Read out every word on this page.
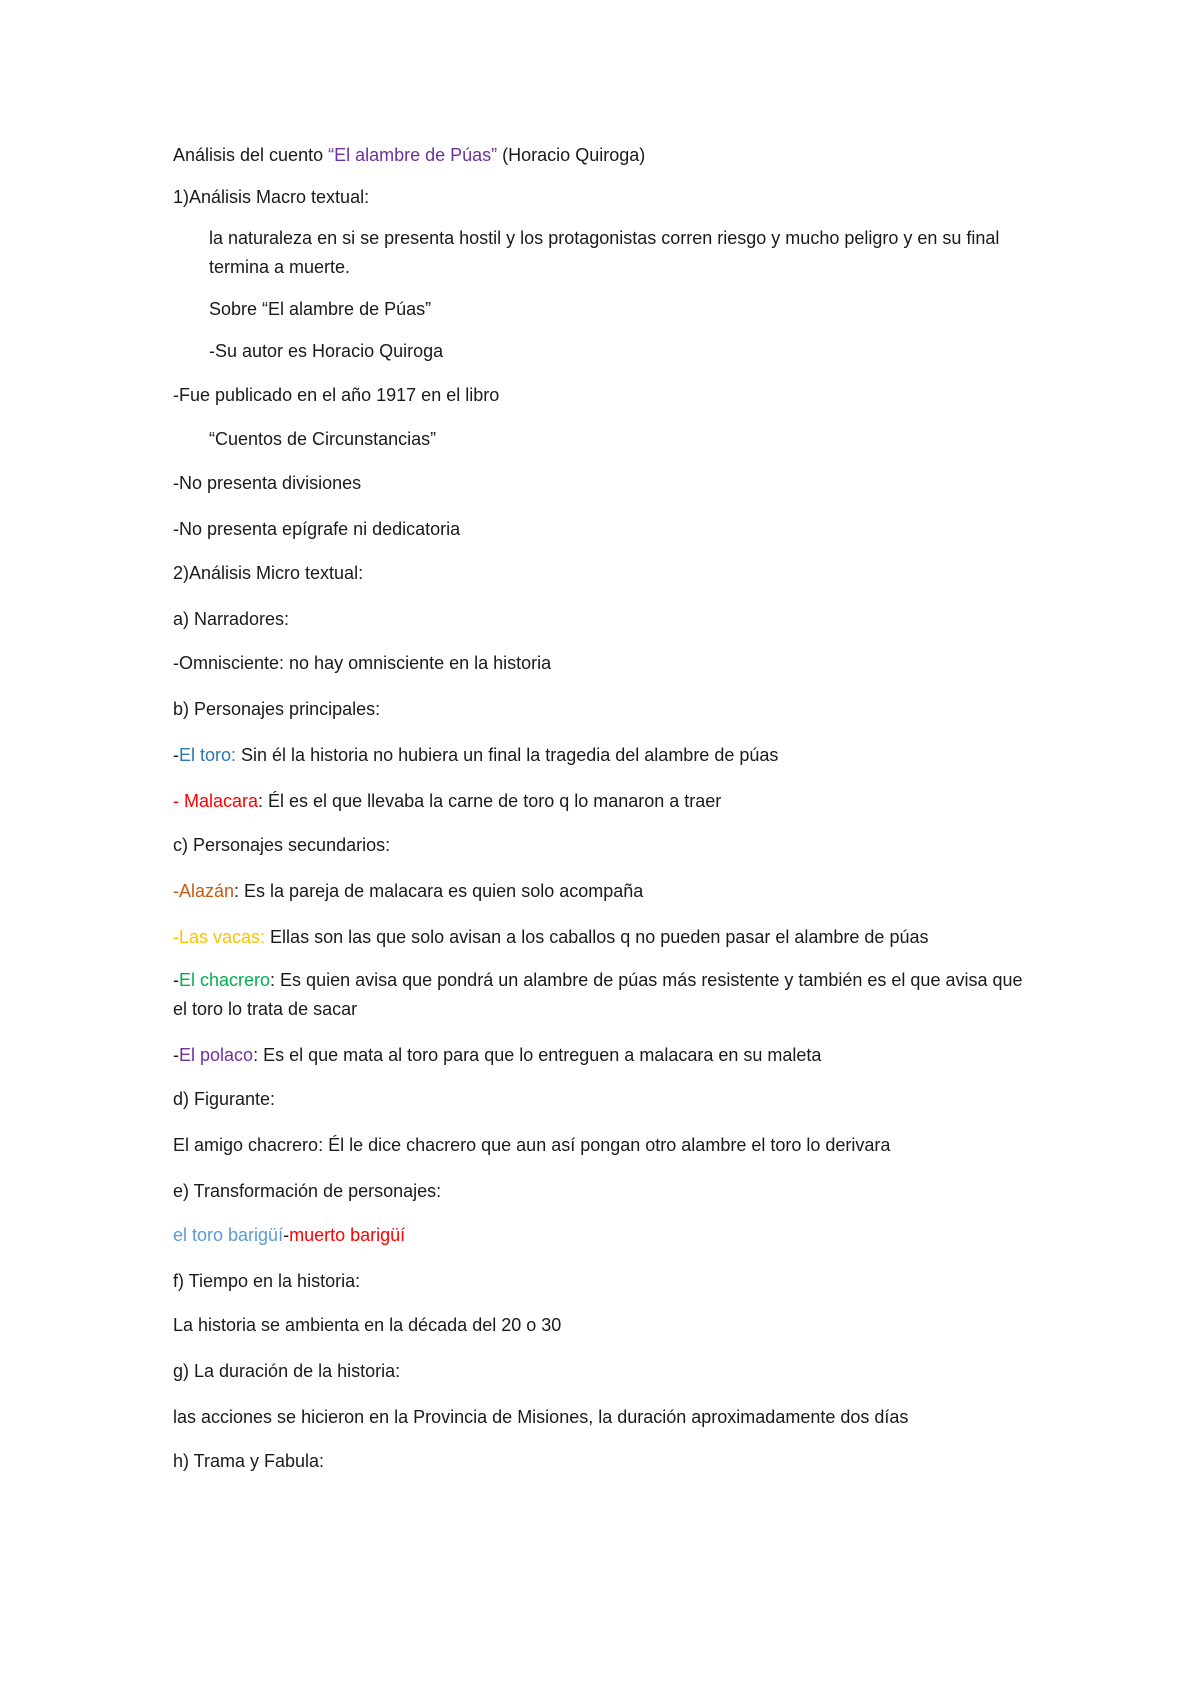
Análisis del cuento “El alambre de Púas” (Horacio Quiroga)
1)Análisis Macro textual:
la naturaleza en si se presenta hostil y los protagonistas corren riesgo y mucho peligro y en su final termina a muerte.
Sobre “El alambre de Púas”
-Su autor es Horacio Quiroga
-Fue publicado en el año 1917 en el libro
“Cuentos de Circunstancias”
-No presenta divisiones
-No presenta epígrafe ni dedicatoria
2)Análisis Micro textual:
a) Narradores:
-Omnisciente: no hay omnisciente en la historia
b) Personajes principales:
-El toro: Sin él la historia no hubiera un final la tragedia del alambre de púas
- Malacara: Él es el que llevaba la carne de toro q lo manaron a traer
c) Personajes secundarios:
-Alazán: Es la pareja de malacara es quien solo acompaña
-Las vacas: Ellas son las que solo avisan a los caballos q no pueden pasar el alambre de púas
-El chacrero: Es quien avisa que pondrá un alambre de púas más resistente y también es el que avisa que el toro lo trata de sacar
-El polaco: Es el que mata al toro para que lo entreguen a malacara en su maleta
d) Figurante:
El amigo chacrero: Él le dice chacrero que aun así pongan otro alambre el toro lo derivara
e) Transformación de personajes:
el toro barigüí-muerto barigüí
f) Tiempo en la historia:
La historia se ambienta en la década del 20 o 30
g) La duración de la historia:
las acciones se hicieron en la Provincia de Misiones, la duración aproximadamente dos días
h) Trama y Fabula:
